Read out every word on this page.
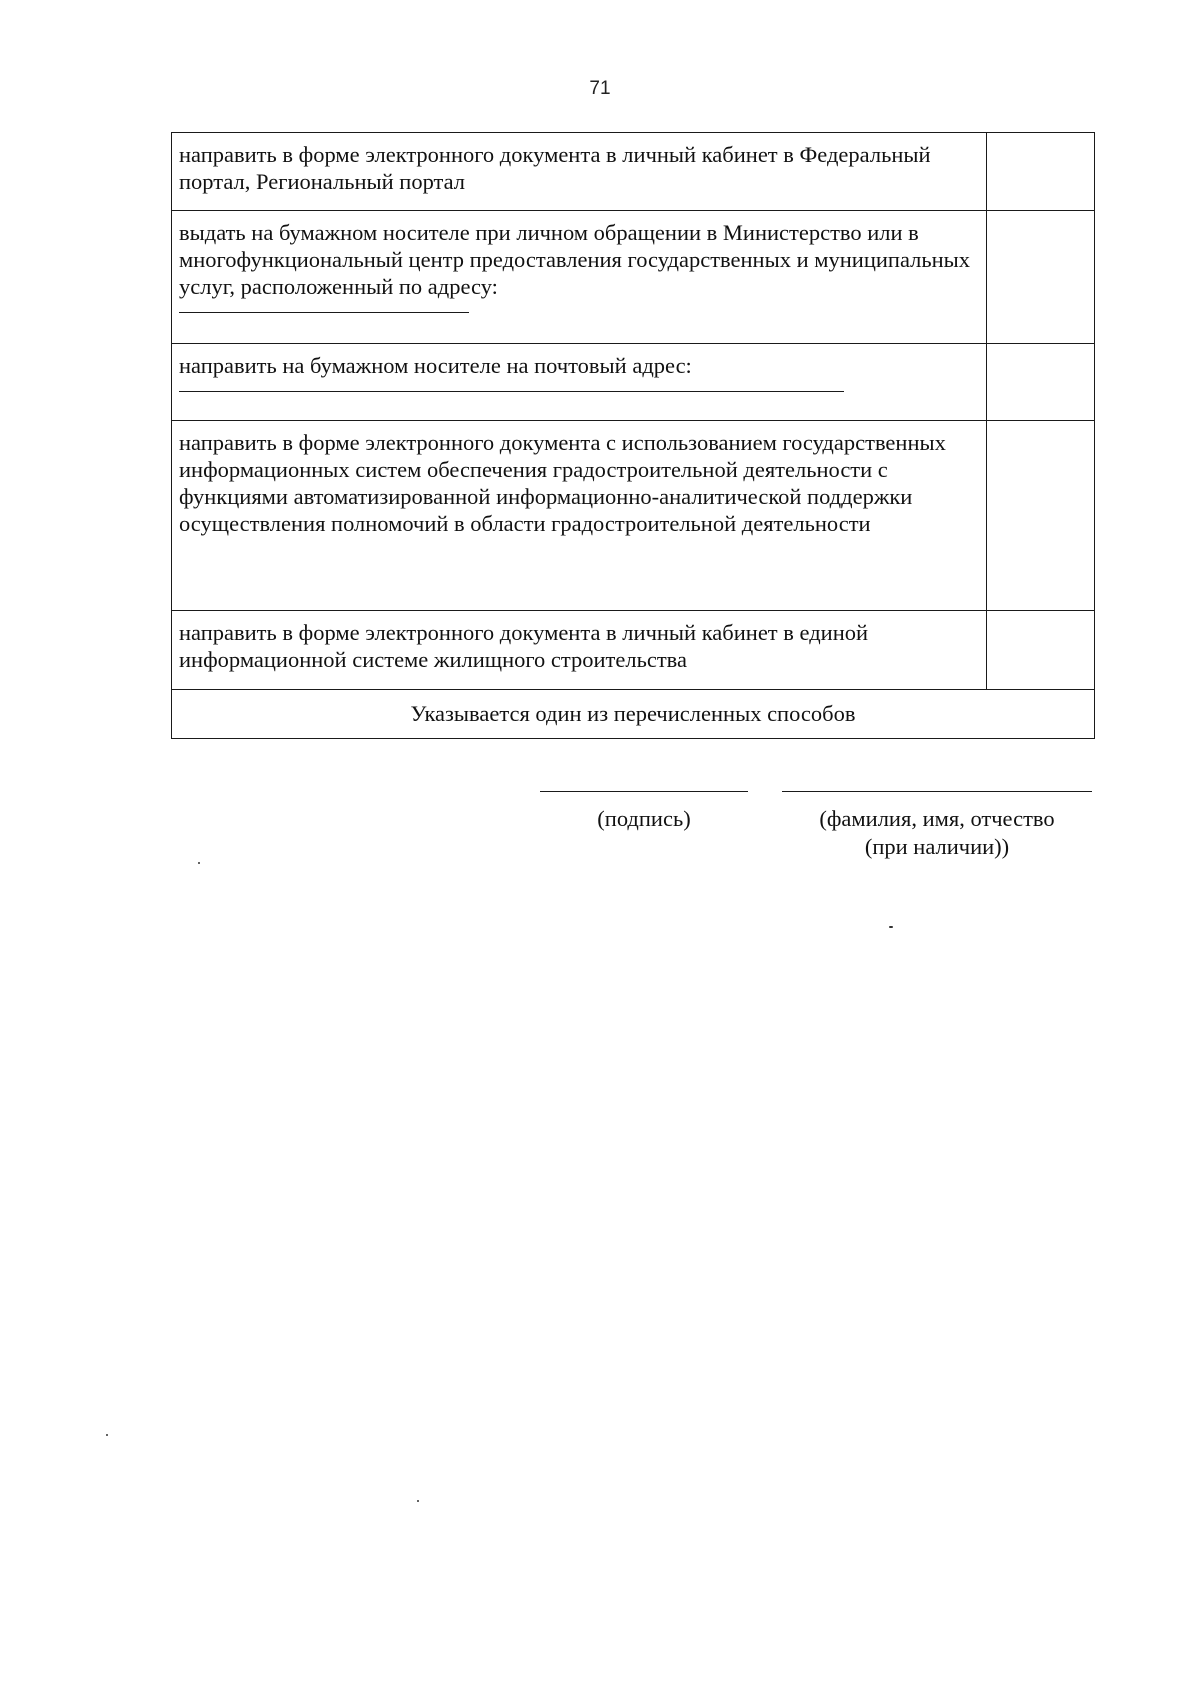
71
направить в форме электронного документа в личный кабинет в Федеральный портал, Региональный портал	

выдать на бумажном носителе при личном обращении в Министерство или в многофункциональный центр предоставления государственных и муниципальных услуг, расположенный по адресу:	

направить на бумажном носителе на почтовый адрес:	

направить в форме электронного документа с использованием государственных информационных систем обеспечения градостроительной деятельности с функциями автоматизированной информационно-аналитической поддержки осуществления полномочий в области градостроительной деятельности	

направить в форме электронного документа в личный кабинет в единой информационной системе жилищного строительства	

Указывается один из перечисленных способов	
(подпись)	(фамилия, имя, отчество
(при наличии))
